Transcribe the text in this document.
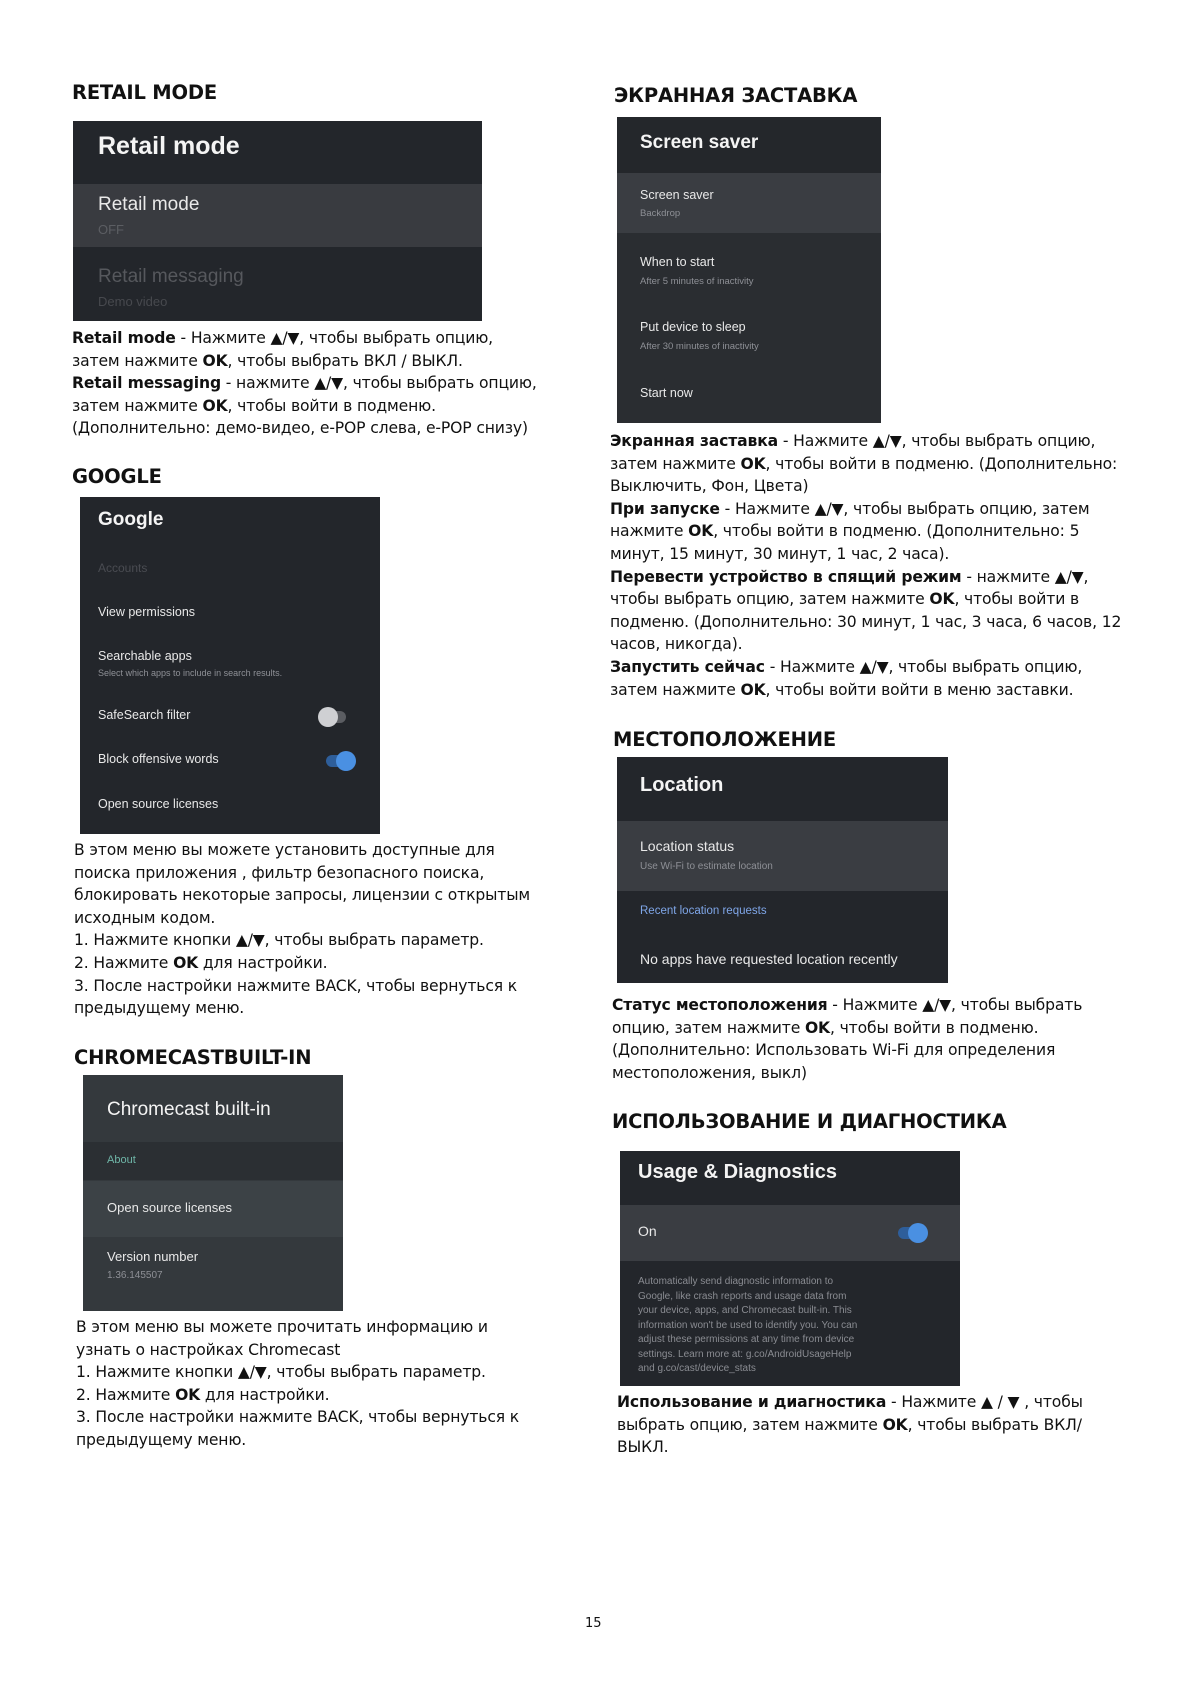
RETAIL MODE
Retail mode
Retail mode
OFF
Retail messaging
Demo video

Retail mode - Нажмите ▲/▼, чтобы выбрать опцию,

затем нажмите OK, чтобы выбрать ВКЛ / ВЫКЛ.

Retail messaging - нажмите ▲/▼, чтобы выбрать опцию,

затем нажмите OK, чтобы войти в подменю.

(Дополнительно: демо-видео, e-POP слева, e-POP снизу)

GOOGLE
Google
Accounts
View permissions
Searchable apps
Select which apps to include in search results.
SafeSearch filter
Block offensive words
Open source licenses

В этом меню вы можете установить доступные для

поиска приложения , фильтр безопасного поиска,

блокировать некоторые запросы, лицензии с открытым

исходным кодом.

1. Нажмите кнопки ▲/▼, чтобы выбрать параметр.

2. Нажмите OK для настройки.

3. После настройки нажмите BACK, чтобы вернуться к

предыдущему меню.

CHROMECASTBUILT-IN
Chromecast built-in
About
Open source licenses
Version number
1.36.145507

В этом меню вы можете прочитать информацию и

узнать о настройках Chromecast

1. Нажмите кнопки ▲/▼, чтобы выбрать параметр.

2. Нажмите OK для настройки.

3. После настройки нажмите BACK, чтобы вернуться к

предыдущему меню.

ЭКРАННАЯ ЗАСТАВКА
Screen saver
Screen saver
Backdrop
When to start
After 5 minutes of inactivity
Put device to sleep
After 30 minutes of inactivity
Start now

Экранная заставка - Нажмите ▲/▼, чтобы выбрать опцию,

затем нажмите OK, чтобы войти в подменю. (Дополнительно:

Выключить, Фон, Цвета)

При запуске - Нажмите ▲/▼, чтобы выбрать опцию, затем

нажмите OK, чтобы войти в подменю. (Дополнительно: 5

минут, 15 минут, 30 минут, 1 час, 2 часа).

Перевести устройство в спящий режим - нажмите ▲/▼,

чтобы выбрать опцию, затем нажмите OK, чтобы войти в

подменю. (Дополнительно: 30 минут, 1 час, 3 часа, 6 часов, 12

часов, никогда).

Запустить сейчас - Нажмите ▲/▼, чтобы выбрать опцию,

затем нажмите OK, чтобы войти войти в меню заставки.

МЕСТОПОЛОЖЕНИЕ
Location
Location status
Use Wi-Fi to estimate location
Recent location requests
No apps have requested location recently

Статус местоположения - Нажмите ▲/▼, чтобы выбрать

опцию, затем нажмите OK, чтобы войти в подменю.

(Дополнительно: Использовать Wi-Fi для определения

местоположения, выкл)

ИСПОЛЬЗОВАНИЕ И ДИАГНОСТИКА
Usage & Diagnostics
On
Automatically send diagnostic information to
Google, like crash reports and usage data from
your device, apps, and Chromecast built-in. This
information won't be used to identify you. You can
adjust these permissions at any time from device
settings. Learn more at: g.co/AndroidUsageHelp
and g.co/cast/device_stats

Использование и диагностика - Нажмите ▲ / ▼ , чтобы

выбрать опцию, затем нажмите OK, чтобы выбрать ВКЛ/

ВЫКЛ.

15
